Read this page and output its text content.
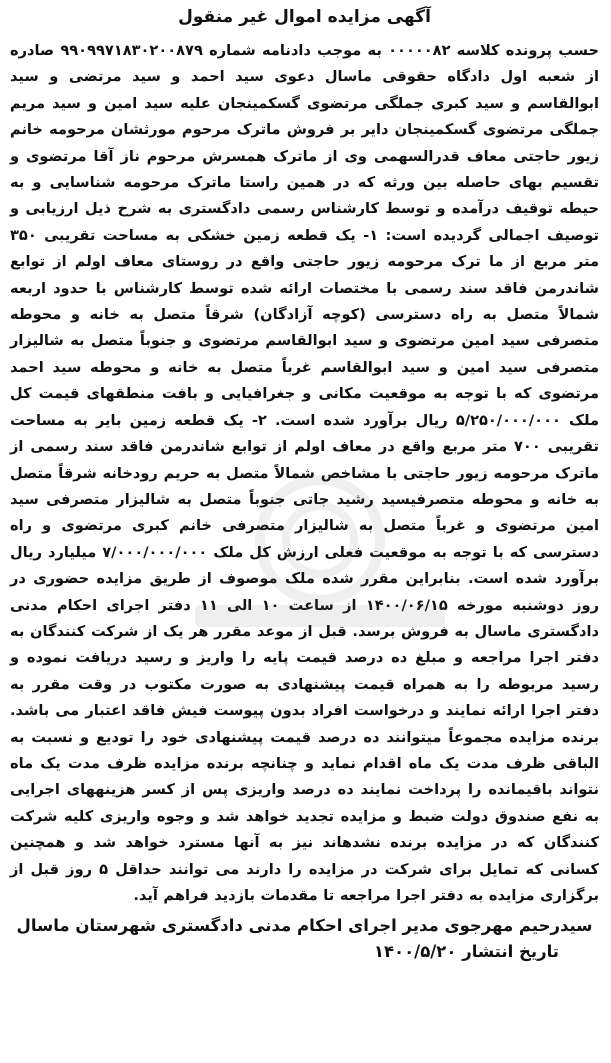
آگهی مزایده اموال غیر منقول

حسب پرونده کلاسه ۰۰۰۰۰۸۲ به موجب دادنامه شماره ۹۹۰۹۹۷۱۸۳۰۲۰۰۸۷۹ صادره از شعبه اول دادگاه حقوقی ماسال دعوی سید احمد و سید مرتضی و سید ابوالقاسم و سید کبری جملگی مرتضوی گسکمینجان علیه سید امین و سید مریم جملگی مرتضوی گسکمینجان دایر بر فروش ماترک مرحوم مورثشان مرحومه خانم زیور حاجتی معاف قدرالسهمی وی از ماترک همسرش مرحوم ناز آقا مرتضوی و تقسیم بهای حاصله بین ورثه که در همین راستا ماترک مرحومه شناسایی و به حیطه توقیف درآمده و توسط کارشناس رسمی دادگستری به شرح ذیل ارزیابی و توصیف اجمالی گردیده است: ۱- یک قطعه زمین خشکی به مساحت تقریبی ۳۵۰ متر مربع از ما ترک مرحومه زیور حاجتی واقع در روستای معاف اولم از توابع شاندرمن فاقد سند رسمی با مختصات ارائه شده توسط کارشناس با حدود اربعه شمالاً متصل به راه دسترسی (کوچه آزادگان) شرقاً متصل به خانه و محوطه متصرفی سید امین مرتضوی و سید ابوالقاسم مرتضوی و جنوباً متصل به شالیزار متصرفی سید امین و سید ابوالقاسم غرباً متصل به خانه و محوطه سید احمد مرتضوی که با توجه به موقعیت مکانی و جغرافیایی و بافت منطقهای قیمت کل ملک ۵/۲۵۰/۰۰۰/۰۰۰ ریال برآورد شده است. ۲- یک قطعه زمین بایر به مساحت تقریبی ۷۰۰ متر مربع واقع در معاف اولم از توابع شاندرمن فاقد سند رسمی از ماترک مرحومه زیور حاجتی با مشاخص شمالاً متصل به حریم رودخانه شرقاً متصل به خانه و محوطه متصرفیسید رشید جاتی جنوباً متصل به شالیزار متصرفی سید امین مرتضوی و غرباً متصل به شالیزار متصرفی خانم کبری مرتضوی و راه دسترسی که با توجه به موقعیت فعلی ارزش کل ملک ۷/۰۰۰/۰۰۰/۰۰۰ میلیارد ریال برآورد شده است. بنابراین مقرر شده ملک موصوف از طریق مزایده حضوری در روز دوشنبه مورخه ۱۴۰۰/۰۶/۱۵ از ساعت ۱۰ الی ۱۱ دفتر اجرای احکام مدنی دادگستری ماسال به فروش برسد. قبل از موعد مقرر هر یک از شرکت کنندگان به دفتر اجرا مراجعه و مبلغ ده درصد قیمت پایه را واریز و رسید دریافت نموده و رسید مربوطه را به همراه قیمت پیشنهادی به صورت مکتوب در وقت مقرر به دفتر اجرا ارائه نمایند و درخواست افراد بدون پیوست فیش فاقد اعتبار می باشد. برنده مزایده مجموعاً میتوانند ده درصد قیمت پیشنهادی خود را تودیع و نسبت به الباقی ظرف مدت یک ماه اقدام نماید و چنانچه برنده مزایده ظرف مدت یک ماه نتواند باقیمانده را پرداخت نمایند ده درصد واریزی پس از کسر هزینههای اجرایی به نفع صندوق دولت ضبط و مزایده تجدید خواهد شد و وجوه واریزی کلیه شرکت کنندگان که در مزایده برنده نشدهاند نیز به آنها مسترد خواهد شد و همچنین کسانی که تمایل برای شرکت در مزایده را دارند می توانند حداقل ۵ روز قبل از برگزاری مزایده به دفتر اجرا مراجعه تا مقدمات بازدید فراهم آید.

سیدرحیم مهرجوی مدیر اجرای احکام مدنی دادگستری شهرستان ماسال
تاریخ انتشار ۱۴۰۰/۵/۲۰
